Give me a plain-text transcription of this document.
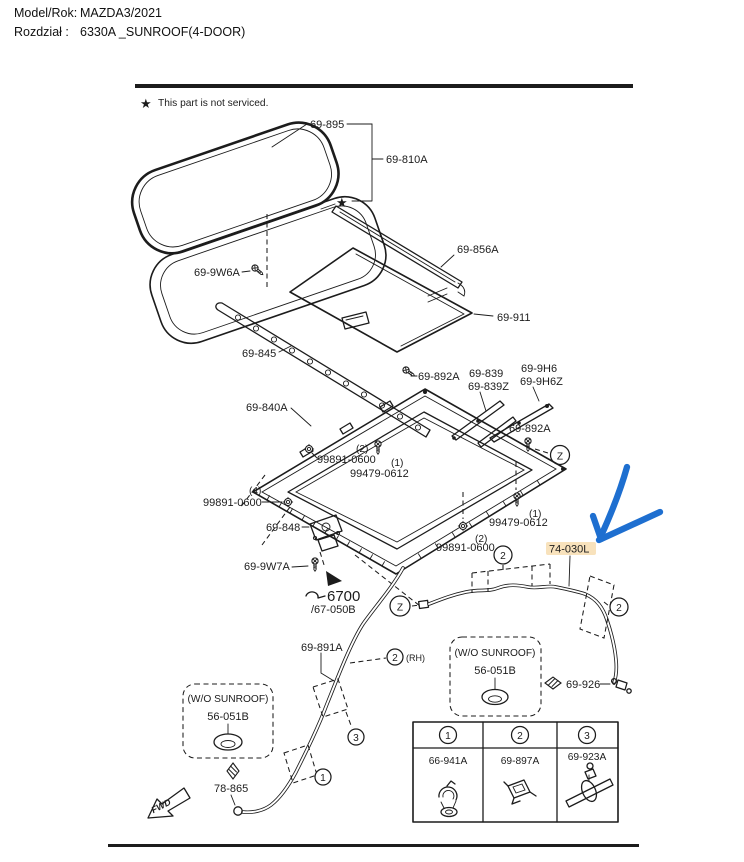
Model/Rok: MAZDA3/2021
Rozdział : 6330A _SUNROOF(4-DOOR)
★ This part is not serviced.
69-895
★
69-810A
69-856A
69-911
69-845
69-9W6A
69-892A 69-839
69-839Z
69-9H6
69-9H6Z
69-892A
Z
69-840A
(2)
99891-0600 (1)
99479-0612
(4)
99891-0600
(2)
99891-0600
(1)
99479-0612
69-848
69-9W7A
6700
/67-050B
69-891A
2 (RH)
3
1
(W/O SUNROOF)
56-051B
78-865
FWD
Z
2
2
74-030L
69-926
(W/O SUNROOF)
56-051B
1
66-941A
2
69-897A
3
69-923A
